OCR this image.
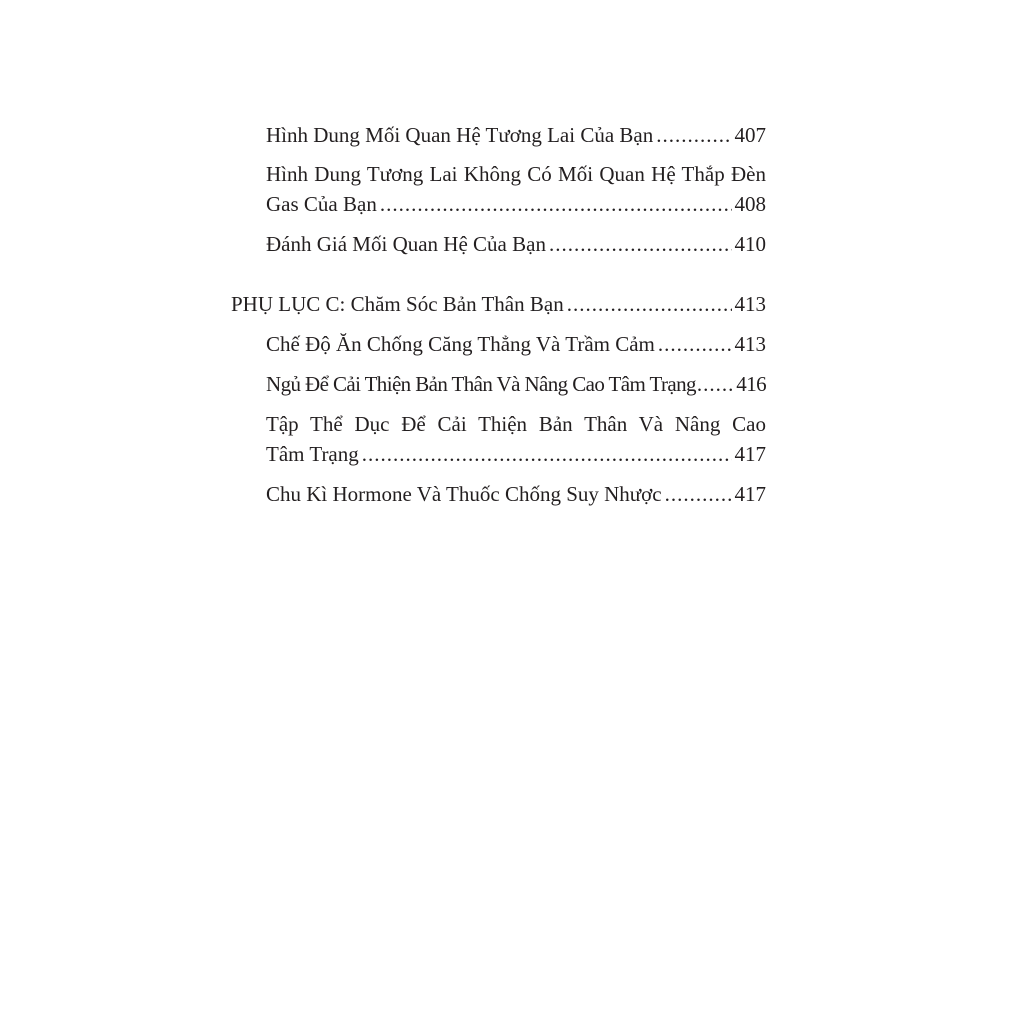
Hình Dung Mối Quan Hệ Tương Lai Của Bạn .....	407
Hình Dung Tương Lai Không Có Mối Quan Hệ Thắp Đèn
Gas Của Bạn .....	408
Đánh Giá Mối Quan Hệ Của Bạn .....	410
PHỤ LỤC C: Chăm Sóc Bản Thân Bạn .....	413
Chế Độ Ăn Chống Căng Thẳng Và Trầm Cảm .....	413
Ngủ Để Cải Thiện Bản Thân Và Nâng Cao Tâm Trạng ..... 416
Tập Thể Dục Để Cải Thiện Bản Thân Và Nâng Cao
Tâm Trạng .....	417
Chu Kì Hormone Và Thuốc Chống Suy Nhược .....	417
